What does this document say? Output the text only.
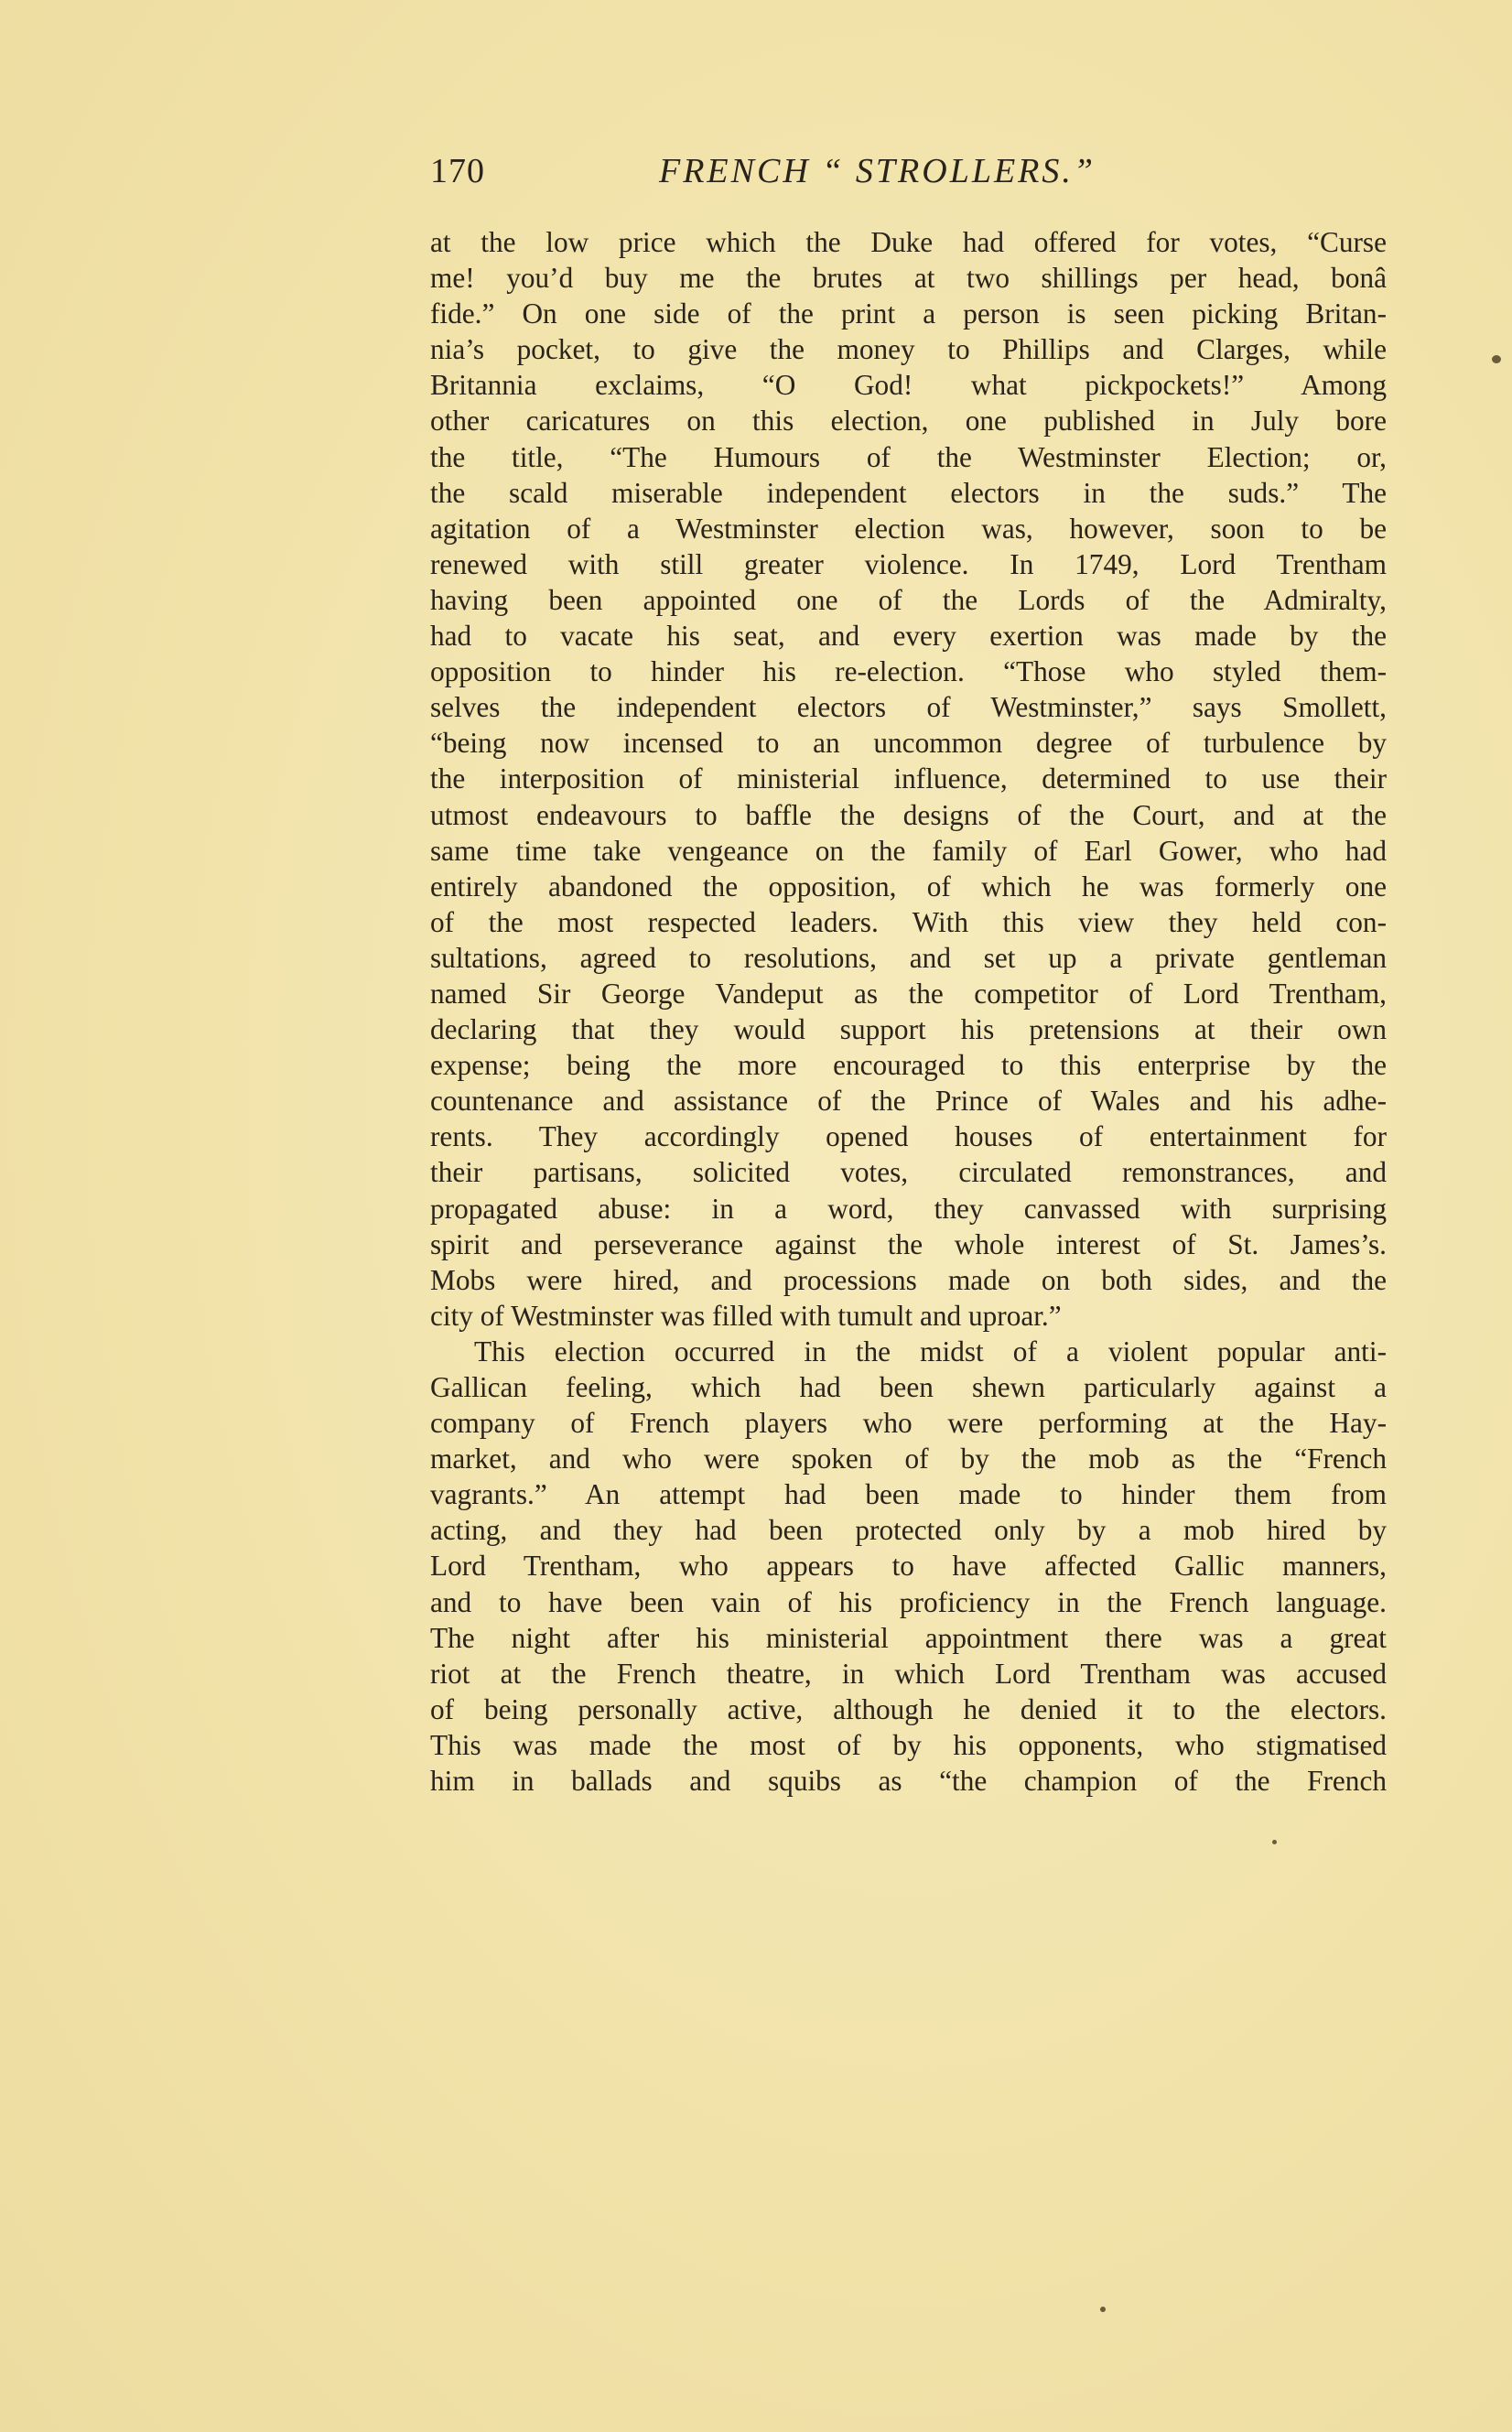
170	FRENCH “ STROLLERS.”
at the low price which the Duke had offered for votes, “Curse
me! you’d buy me the brutes at two shillings per head, bonâ
fide.” On one side of the print a person is seen picking Britan-
nia’s pocket, to give the money to Phillips and Clarges, while
Britannia exclaims, “O God! what pickpockets!” Among
other caricatures on this election, one published in July bore
the title, “The Humours of the Westminster Election; or,
the scald miserable independent electors in the suds.” The
agitation of a Westminster election was, however, soon to be
renewed with still greater violence. In 1749, Lord Trentham
having been appointed one of the Lords of the Admiralty,
had to vacate his seat, and every exertion was made by the
opposition to hinder his re-election. “Those who styled them-
selves the independent electors of Westminster,” says Smollett,
“being now incensed to an uncommon degree of turbulence by
the interposition of ministerial influence, determined to use their
utmost endeavours to baffle the designs of the Court, and at the
same time take vengeance on the family of Earl Gower, who had
entirely abandoned the opposition, of which he was formerly one
of the most respected leaders. With this view they held con-
sultations, agreed to resolutions, and set up a private gentleman
named Sir George Vandeput as the competitor of Lord Trentham,
declaring that they would support his pretensions at their own
expense; being the more encouraged to this enterprise by the
countenance and assistance of the Prince of Wales and his adhe-
rents. They accordingly opened houses of entertainment for
their partisans, solicited votes, circulated remonstrances, and
propagated abuse: in a word, they canvassed with surprising
spirit and perseverance against the whole interest of St. James’s.
Mobs were hired, and processions made on both sides, and the
city of Westminster was filled with tumult and uproar.”
This election occurred in the midst of a violent popular anti-
Gallican feeling, which had been shewn particularly against a
company of French players who were performing at the Hay-
market, and who were spoken of by the mob as the “French
vagrants.” An attempt had been made to hinder them from
acting, and they had been protected only by a mob hired by
Lord Trentham, who appears to have affected Gallic manners,
and to have been vain of his proficiency in the French language.
The night after his ministerial appointment there was a great
riot at the French theatre, in which Lord Trentham was accused
of being personally active, although he denied it to the electors.
This was made the most of by his opponents, who stigmatised
him in ballads and squibs as “the champion of the French
